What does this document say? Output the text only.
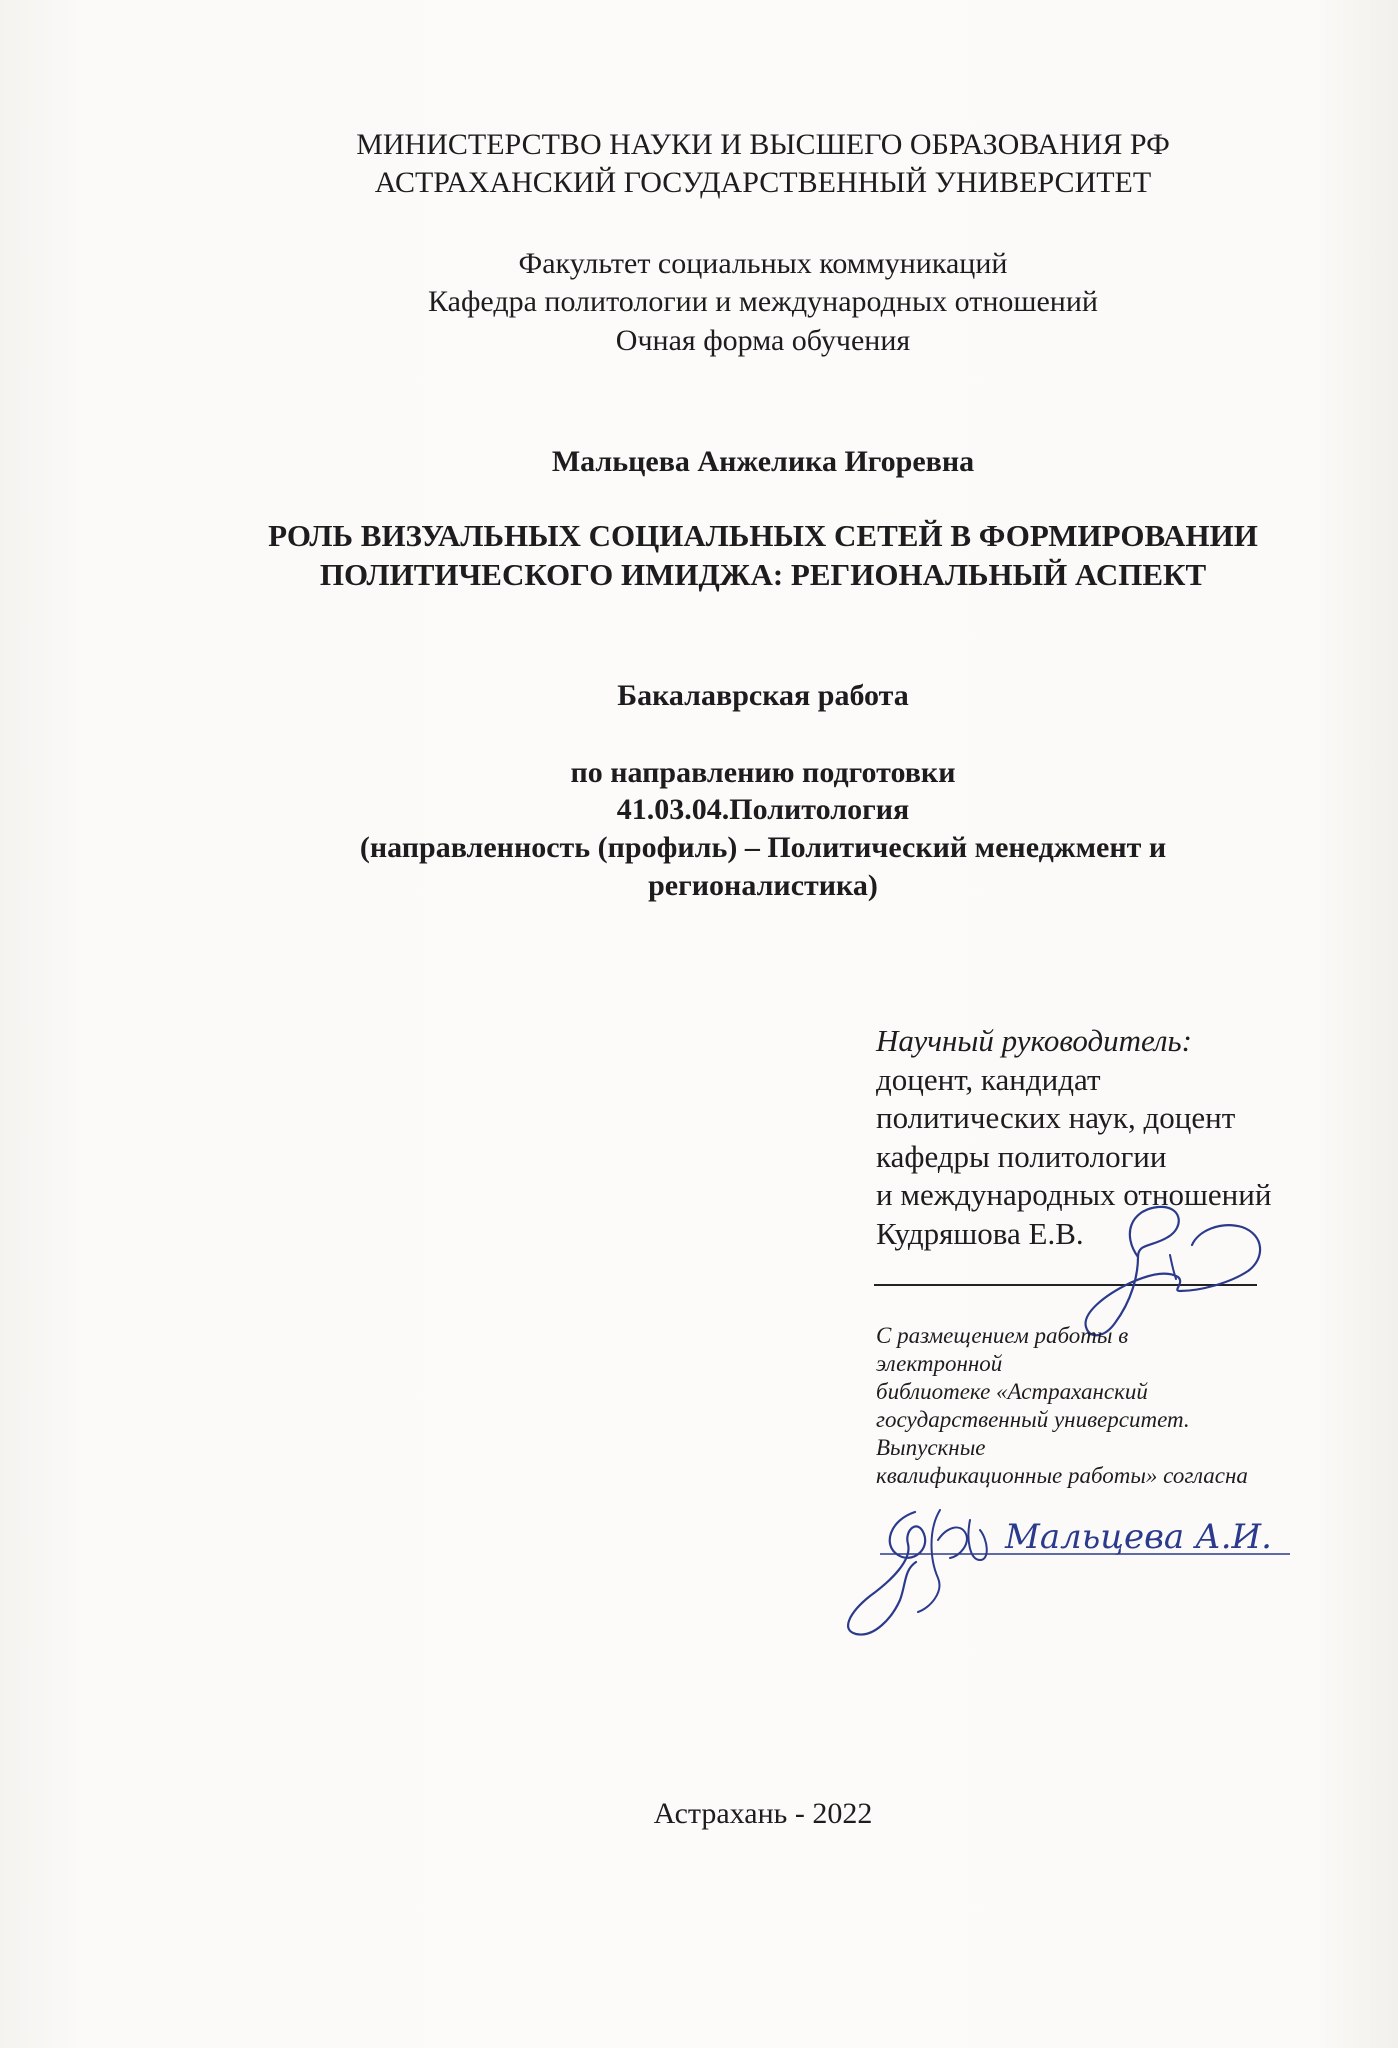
МИНИСТЕРСТВО НАУКИ И ВЫСШЕГО ОБРАЗОВАНИЯ РФ
АСТРАХАНСКИЙ ГОСУДАРСТВЕННЫЙ УНИВЕРСИТЕТ
Факультет социальных коммуникаций
Кафедра политологии и международных отношений
Очная форма обучения
Мальцева Анжелика Игоревна
РОЛЬ ВИЗУАЛЬНЫХ СОЦИАЛЬНЫХ СЕТЕЙ В ФОРМИРОВАНИИ
ПОЛИТИЧЕСКОГО ИМИДЖА: РЕГИОНАЛЬНЫЙ АСПЕКТ
Бакалаврская работа
по направлению подготовки
41.03.04.Политология
(направленность (профиль) – Политический менеджмент и
регионалистика)
Научный руководитель:
доцент, кандидат
политических наук, доцент
кафедры политологии
и международных отношений
Кудряшова Е.В.
С размещением работы в
электронной
библиотеке «Астраханский
государственный университет.
Выпускные
квалификационные работы» согласна
Мальцева А.И.
Астрахань - 2022
